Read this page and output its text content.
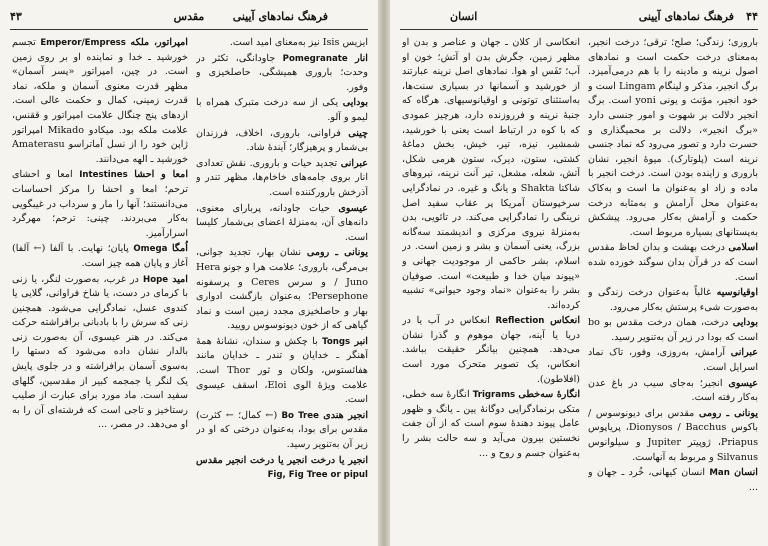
۴۳	مقدس	فرهنگ نمادهای آیینی

امپراتور، ملکه Emperor/Empress تجسم خورشید ـ خدا و نماینده او بر روی زمین است. در چین، امپراتور «پسر آسمان» مظهر قدرت معنوی آسمان و ملکه، نماد قدرت زمینی، کمال و حکمت عالی است. ازدهای پنج چنگال علامت امپراتور و ققنس، علامت ملکه بود. میکادو Mikado امپراتور ژاپن خود را از نسل آماتراسو Amaterasu خورشید ـ الهه می‌دانند.

امعا و احشا Intestines امعا و احشای ترحم؛ امعا و احشا را مرکز احساسات می‌دانستند؛ آنها را مار و سرداب در غیبگویی به‌کار می‌بردند. چینی: ترحم؛ مهرگرد اسرارآمیز.

اُمگا Omega پایان؛ نهایت. با آلفا (← آلفا) آغاز و پایان همه چیز است.

امید Hope در غرب، به‌صورت لنگر، یا زنی با کرمای در دست، یا شاخ فراوانی، گلایی یا کندوی عسل، نمادگرایی می‌شود. همچنین زنی که سرش را با بادبانی برافراشته حرکت می‌کند. در هنر عیسوی، آن به‌صورت زنی بالدار نشان داده می‌شود که دستها را به‌سوی آسمان برافراشته و در جلوی پایش یک لنگر یا جمجمه کبیر از مقدسین، گلهای سفید است. ماد مورد برای عبارت از صلیب رستاخیز و تاجی است که فرشته‌ای آن را به او می‌دهد. در مصر، ...

ایزیس Isis نیز به‌معنای امید است.

انار Pomegranate جاودانگی، تکثر در وحدت؛ باروری همیشگی، حاصلخیزی و وفور.

بودایی یکی از سه درخت متبرک همراه با لیمو و آلو.

چینی فراوانی، باروری، اخلاف، فرزندان بی‌شمار و پرهیزگار؛ آیندهٔ شاد.

عبرانی تجدید حیات و باروری. نقش تعدادی انار بروی جامه‌های خاخام‌ها، مظهر تندر و آذرخش بارورکننده است.

عیسوی حیات جاودانه، پربارای معنوی، دانه‌های آن، به‌منزلهٔ اعضای بی‌شمار کلیسا است.

یونانی ـ رومی نشان بهار، تجدید جوانی، بی‌مرگی، باروری؛ علامت هرا و جونو Hera / Juno و سرس Ceres و پرسفونه Persephone؛ به‌عنوان بازگشت ادواری بهار و حاصلخیزی مجدد زمین است و نماد گیاهی که از خون دیونوسوس رویید.

انبر Tongs با چکش و سندان، نشانهٔ همهٔ آهنگر ـ خدایان و تندر ـ خدایان مانند هفائستوس، ولکان و ثور Thor است. علامت ویژهٔ الوی Eloi، اسقف عیسوی است.

انجیر هندی Bo Tree (← کمال؛ ← کثرت) مقدس برای بودا، به‌عنوان درختی که او در زیر آن به‌تنویر رسید.

انجیر یا درخت انجیر یا درخت انجیر مقدس Fig, Fig Tree or pipul

انسان	فرهنگ نمادهای آیینی ۴۴

انعکاسی از کلان ـ جهان و عناصر و بدن او مظهر زمین، جگرش بدن او آتش؛ خون او آب؛ تَفَس او هوا. نمادهای اصل نرینه عبارتند از خورشید و آسمانها در بسیاری سنت‌ها، به‌استثنای توتونی و اوقیانوسیهای. هرگاه که جنبهٔ نرینه و فرروزنده دارد، هرچیز عمودی که با کوه در ارتباط است یعنی با خورشید، شمشیر، نیزه، تیر، خیش، بخش دماغهٔ کشتی، ستون، دیرک، ستون هرمی شکل، آتش، شعله، مشعل، تیر آنت نرینه، نیروهای شاکتا Shakta و یانگ و غیره. در نمادگرایی سرخپوستان آمریکا پر عقاب سفید اصل نرینگی را نمادگرایی می‌کند. در تائویی، بدن به‌منزلهٔ نیروی مرکزی و اندیشمند سه‌گانه بزرگ، یعنی آسمان و بشر و زمین است. در اسلام، بشر حاکمی از موجودیت جهانی و «پیوند میان خدا و طبیعت» است. صوفیان بشر را به‌عنوان «نماد وجود حیوانی» تشبیه کرده‌اند.

انعکاس Reflection انعکاس در آب یا در دریا یا آینه، جهان موهوم و گذرا نشان می‌دهد. همچنین بیانگر حقیقت بباشد. انعکاس، یک تصویر متحرک مورد است (افلاطون).

انگارهٔ سه‌خطی Trigrams انگارهٔ سه خطی، متکی برنمادگرایی دوگانهٔ یین ـ یانگ و ظهور عامل پیوند دهندهٔ سوم است که از آن جفت نخستین بیرون می‌آید و سه حالت بشر را به‌عنوان جسم و روح و ...

باروری؛ زندگی؛ صلح؛ ترقی؛ درخت انجیر، به‌معنای درخت حکمت است و نمادهای اصول نرینه و مادینه را با هم درمی‌آمیزد. برگ انجیر، مذکر و لینگام Lingam است و خود انجیر، مؤنث و یونی yoni است. برگ انجیر دلالت بر شهوت و امور جنسی دارد «برگ انجیر»، دلالت بر محمیگذاری و حسرت دارد و تصور می‌رود که نماد جنسی نرینه است (پلوتارک). میوهٔ انجیر، نشان باروری و زاینده بودن است. درخت انجیر با ماده و زاد او به‌عنوان ما است و به‌کاک به‌عنوان محل آرامش و به‌مثابه درخت حکمت و آرامش به‌کار می‌رود. پیشکش به‌پستانهای بسیاره مربوط است.

اسلامی درخت بهشت و بدان لحاظ مقدس است که در قرآن بدان سوگند خورده شده است.

اوقیانوسیه غالباً به‌عنوان درخت زندگی و به‌صورت شیء پرستش به‌کار می‌رود.

بودایی درخت، همان درخت مقدس بو bo است که بودا در زیر آن به‌تنویر رسید.

عبرانی آرامش، به‌روزی، وفور، تاک نماد اسرایل است.

عیسوی انجیر؛ به‌جای سیب در باغ عدن به‌کار رفته است.

یونانی ـ رومی مقدس برای دیونوسوس / باکوس Dionysos / Bacchus، پریاپوس Priapus، ژوپیتر Jupiter و سیلوانوس Silvanus و مربوط به آنهاست.

انسان Man انسان کیهانی، خُرد ـ جهان و ...
